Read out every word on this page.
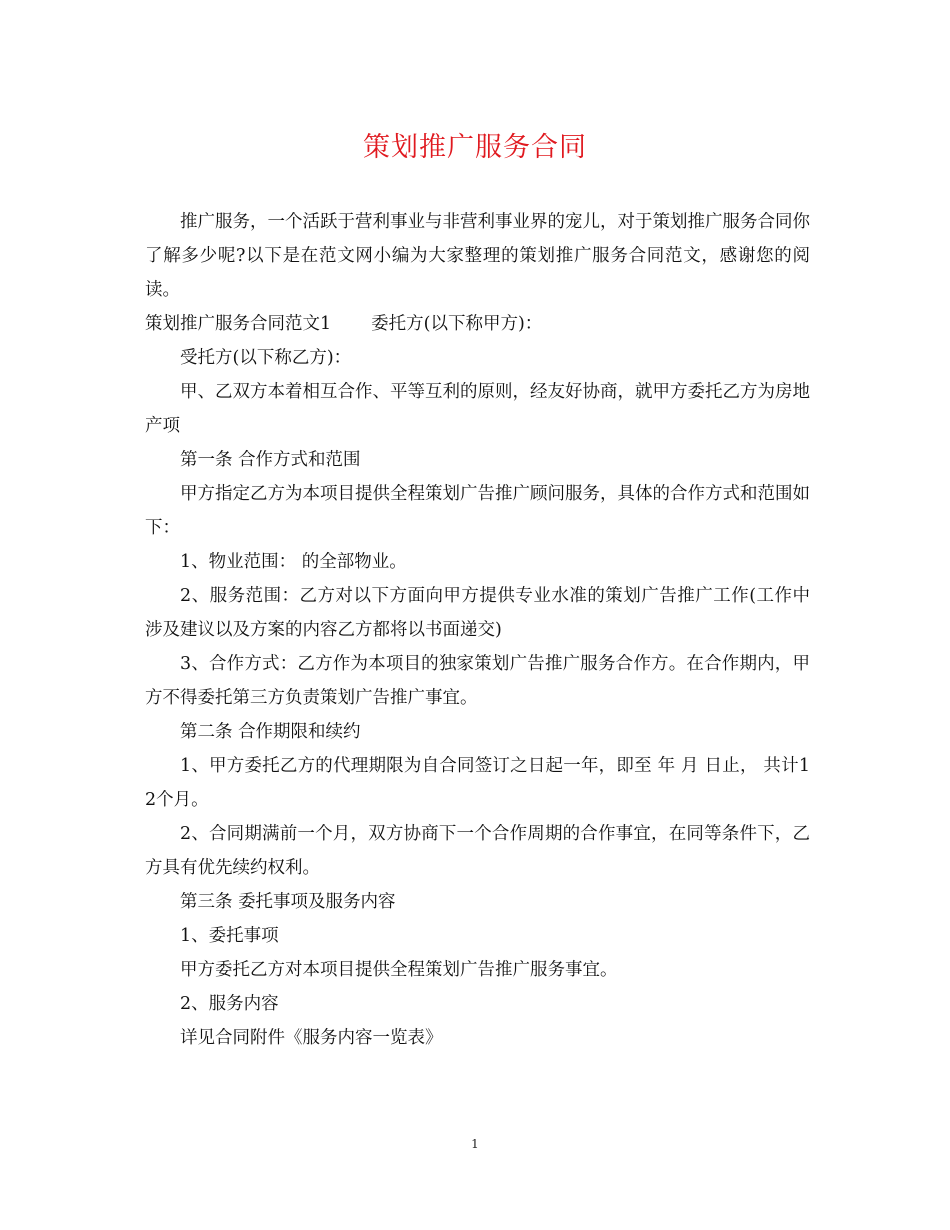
策划推广服务合同

推广服务，一个活跃于营利事业与非营利事业界的宠儿，对于策划推广服务合同你了解多少呢?以下是在范文网小编为大家整理的策划推广服务合同范文，感谢您的阅读。

策划推广服务合同范文1 委托方(以下称甲方)：

受托方(以下称乙方)：

甲、乙双方本着相互合作、平等互利的原则，经友好协商，就甲方委托乙方为房地产项

第一条 合作方式和范围

甲方指定乙方为本项目提供全程策划广告推广顾问服务，具体的合作方式和范围如下：

1、物业范围： 的全部物业。

2、服务范围：乙方对以下方面向甲方提供专业水准的策划广告推广工作(工作中涉及建议以及方案的内容乙方都将以书面递交)

3、合作方式：乙方作为本项目的独家策划广告推广服务合作方。在合作期内，甲方不得委托第三方负责策划广告推广事宜。

第二条 合作期限和续约

1、甲方委托乙方的代理期限为自合同签订之日起一年，即至 年 月 日止， 共计12个月。

2、合同期满前一个月，双方协商下一个合作周期的合作事宜，在同等条件下，乙方具有优先续约权利。

第三条 委托事项及服务内容

1、委托事项

甲方委托乙方对本项目提供全程策划广告推广服务事宜。

2、服务内容

详见合同附件《服务内容一览表》

1
